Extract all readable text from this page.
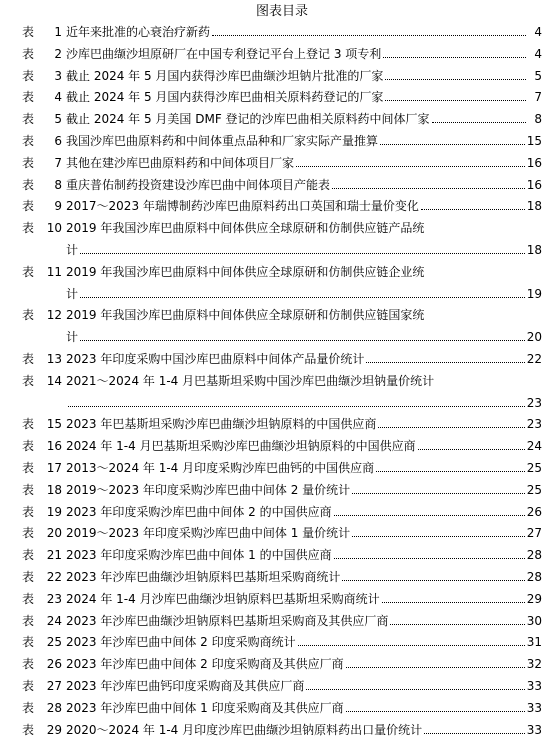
图表目录
表	1 近年来批准的心衰治疗新药	4
表	2 沙库巴曲缬沙坦原研厂在中国专利登记平台上登记 3 项专利	4
表	3 截止 2024 年 5 月国内获得沙库巴曲缬沙坦钠片批准的厂家	5
表	4 截止 2024 年 5 月国内获得沙库巴曲相关原料药登记的厂家	7
表	5 截止 2024 年 5 月美国 DMF 登记的沙库巴曲相关原料药中间体厂家	8
表	6 我国沙库巴曲原料药和中间体重点品种和厂家实际产量推算	15
表	7 其他在建沙库巴曲原料药和中间体项目厂家	16
表	8 重庆普佑制药投资建设沙库巴曲中间体项目产能表	16
表	9 2017～2023 年瑞博制药沙库巴曲原料药出口英国和瑞士量价变化	18
表 10 2019 年我国沙库巴曲原料中间体供应全球原研和仿制供应链产品统
计	18
表 11 2019 年我国沙库巴曲原料中间体供应全球原研和仿制供应链企业统
计	19
表 12 2019 年我国沙库巴曲原料中间体供应全球原研和仿制供应链国家统
计	20
表 13 2023 年印度采购中国沙库巴曲原料中间体产品量价统计	22
表 14 2021～2024 年 1-4 月巴基斯坦采购中国沙库巴曲缬沙坦钠量价统计
23
表 15 2023 年巴基斯坦采购沙库巴曲缬沙坦钠原料的中国供应商	23
表 16 2024 年 1-4 月巴基斯坦采购沙库巴曲缬沙坦钠原料的中国供应商	24
表 17 2013～2024 年 1-4 月印度采购沙库巴曲钙的中国供应商	25
表 18 2019～2023 年印度采购沙库巴曲中间体 2 量价统计	25
表 19 2023 年印度采购沙库巴曲中间体 2 的中国供应商	26
表 20 2019～2023 年印度采购沙库巴曲中间体 1 量价统计	27
表 21 2023 年印度采购沙库巴曲中间体 1 的中国供应商	28
表 22 2023 年沙库巴曲缬沙坦钠原料巴基斯坦采购商统计	28
表 23 2024 年 1-4 月沙库巴曲缬沙坦钠原料巴基斯坦采购商统计	29
表 24 2023 年沙库巴曲缬沙坦钠原料巴基斯坦采购商及其供应厂商	30
表 25 2023 年沙库巴曲中间体 2 印度采购商统计	31
表 26 2023 年沙库巴曲中间体 2 印度采购商及其供应厂商	32
表 27 2023 年沙库巴曲钙印度采购商及其供应厂商	33
表 28 2023 年沙库巴曲中间体 1 印度采购商及其供应厂商	33
表 29 2020～2024 年 1-4 月印度沙库巴曲缬沙坦钠原料药出口量价统计	33
